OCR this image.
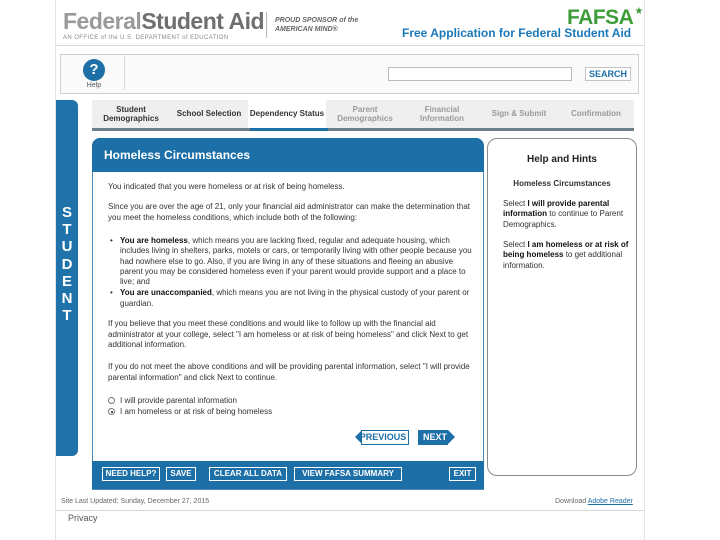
FederalStudent Aid
AN OFFICE of the U.S. DEPARTMENT of EDUCATION
PROUD SPONSOR of the AMERICAN MIND®
FAFSA★
Free Application for Federal Student Aid
?
Help
SEARCH
S
T
U
D
E
N
T
Student Demographics
School Selection	Dependency Status
Parent Demographics
Financial Information
Sign & Submit	Confirmation
Homeless Circumstances
You indicated that you were homeless or at risk of being homeless.
Since you are over the age of 21, only your financial aid administrator can make the determination that you meet the homeless conditions, which include both of the following:
• You are homeless, which means you are lacking fixed, regular and adequate housing, which includes living in shelters, parks, motels or cars, or temporarily living with other people because you had nowhere else to go. Also, if you are living in any of these situations and fleeing an abusive parent you may be considered homeless even if your parent would provide support and a place to live; and
• You are unaccompanied, which means you are not living in the physical custody of your parent or guardian.
If you believe that you meet these conditions and would like to follow up with the financial aid administrator at your college, select "I am homeless or at risk of being homeless" and click Next to get additional information.
If you do not meet the above conditions and will be providing parental information, select "I will provide parental information" and click Next to continue.
I will provide parental information
I am homeless or at risk of being homeless
PREVIOUS	NEXT
NEED HELP?	SAVE	CLEAR ALL DATA	VIEW FAFSA SUMMARY	EXIT
Help and Hints
Homeless Circumstances
Select I will provide parental information to continue to Parent Demographics.
Select I am homeless or at risk of being homeless to get additional information.
Site Last Updated: Sunday, December 27, 2015	Download Adobe Reader
Privacy
